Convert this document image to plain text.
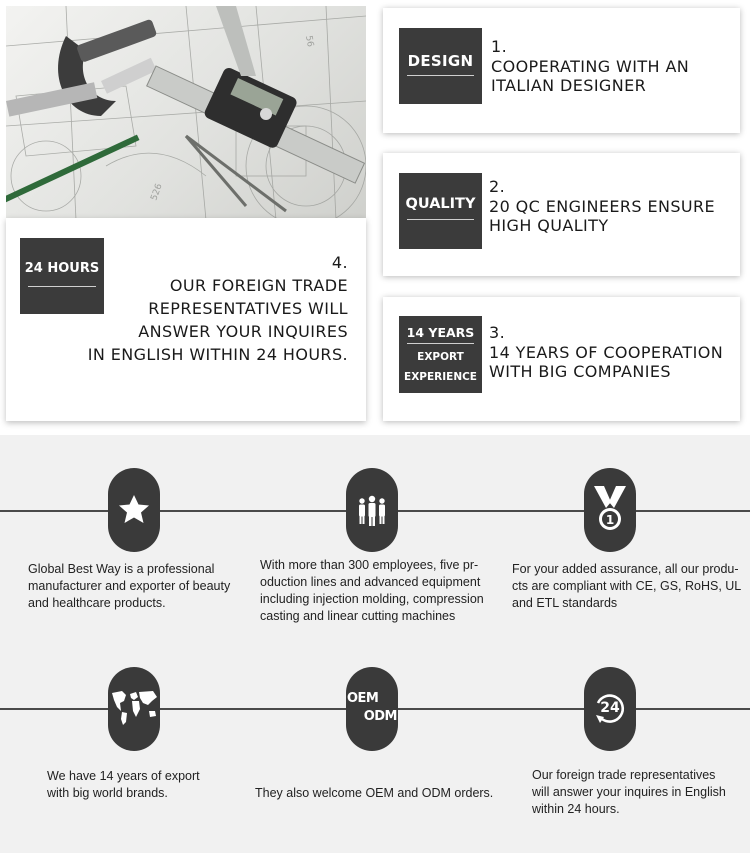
526
56
DESIGN
1.
COOPERATING WITH AN
ITALIAN DESIGNER
QUALITY
2.
20 QC ENGINEERS ENSURE
HIGH QUALITY
14 YEARS
EXPORT
EXPERIENCE
3.
14 YEARS OF COOPERATION
WITH BIG COMPANIES
24 HOURS	4.
OUR FOREIGN TRADE
REPRESENTATIVES WILL
ANSWER YOUR INQUIRES
IN ENGLISH WITHIN 24 HOURS.
1
OEM
ODM
24
Global Best Way is a professional
manufacturer and exporter of beauty
and healthcare products.
With more than 300 employees, five pr-
oduction lines and advanced equipment
including injection molding, compression
casting and linear cutting machines
For your added assurance, all our produ-
cts are compliant with CE, GS, RoHS, UL
and ETL standards
We have 14 years of export
with big world brands.	They also welcome OEM and ODM orders.
Our foreign trade representatives
will answer your inquires in English
within 24 hours.
